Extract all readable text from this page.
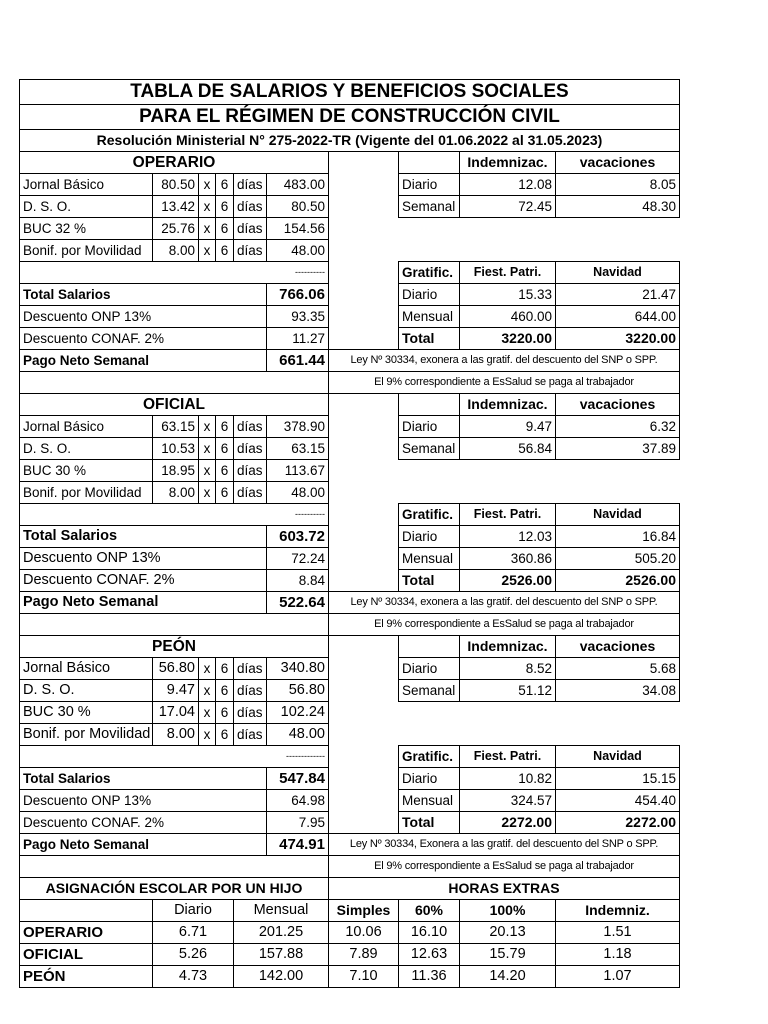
TABLA DE SALARIOS Y BENEFICIOS SOCIALES									
PARA EL RÉGIMEN DE CONSTRUCCIÓN CIVIL									
Resolución Ministerial N° 275-2022-TR (Vigente del 01.06.2022 al 31.05.2023)									
OPERARIO								Indemnizac.	vacaciones
Jornal Básico	80.50	x	6	días	483.00		Diario	12.08	8.05
D. S. O.	13.42	x	6	días	80.50		Semanal	72.45	48.30
BUC 32 %	25.76	x	6	días	154.56				
Bonif. por Movilidad	8.00	x	6	días	48.00				
					----------		Gratific.	Fiest. Patri.	Navidad
Total Salarios					766.06		Diario	15.33	21.47
Descuento ONP 13%					93.35		Mensual	460.00	644.00
Descuento CONAF. 2%					11.27		Total	3220.00	3220.00
Pago Neto Semanal					661.44	Ley Nº 30334, exonera a las gratif. del descuento del SNP o SPP.			
						El 9% correspondiente a EsSalud se paga al trabajador			
OFICIAL								Indemnizac.	vacaciones
Jornal Básico	63.15	x	6	días	378.90		Diario	9.47	6.32
D. S. O.	10.53	x	6	días	63.15		Semanal	56.84	37.89
BUC 30 %	18.95	x	6	días	113.67				
Bonif. por Movilidad	8.00	x	6	días	48.00				
					----------		Gratific.	Fiest. Patri.	Navidad
Total Salarios					603.72		Diario	12.03	16.84
Descuento ONP 13%					72.24		Mensual	360.86	505.20
Descuento CONAF. 2%					8.84		Total	2526.00	2526.00
Pago Neto Semanal					522.64	Ley Nº 30334, exonera a las gratif. del descuento del SNP o SPP.			
						El 9% correspondiente a EsSalud se paga al trabajador			
PEÓN								Indemnizac.	vacaciones
Jornal Básico	56.80	x	6	días	340.80		Diario	8.52	5.68
D. S. O.	9.47	x	6	días	56.80		Semanal	51.12	34.08
BUC 30 %	17.04	x	6	días	102.24				
Bonif. por Movilidad	8.00	x	6	días	48.00				
					-------------		Gratific.	Fiest. Patri.	Navidad
Total Salarios					547.84		Diario	10.82	15.15
Descuento ONP 13%					64.98		Mensual	324.57	454.40
Descuento CONAF. 2%					7.95		Total	2272.00	2272.00
Pago Neto Semanal					474.91	Ley Nº 30334, Exonera a las gratif. del descuento del SNP o SPP.			
						El 9% correspondiente a EsSalud se paga al trabajador			
ASIGNACIÓN ESCOLAR POR UN HIJO						HORAS EXTRAS			
	Diario			Mensual		Simples	60%	100%	Indemniz.
OPERARIO	6.71			201.25		10.06	16.10	20.13	1.51
OFICIAL	5.26			157.88		7.89	12.63	15.79	1.18
PEÓN	4.73			142.00		7.10	11.36	14.20	1.07
